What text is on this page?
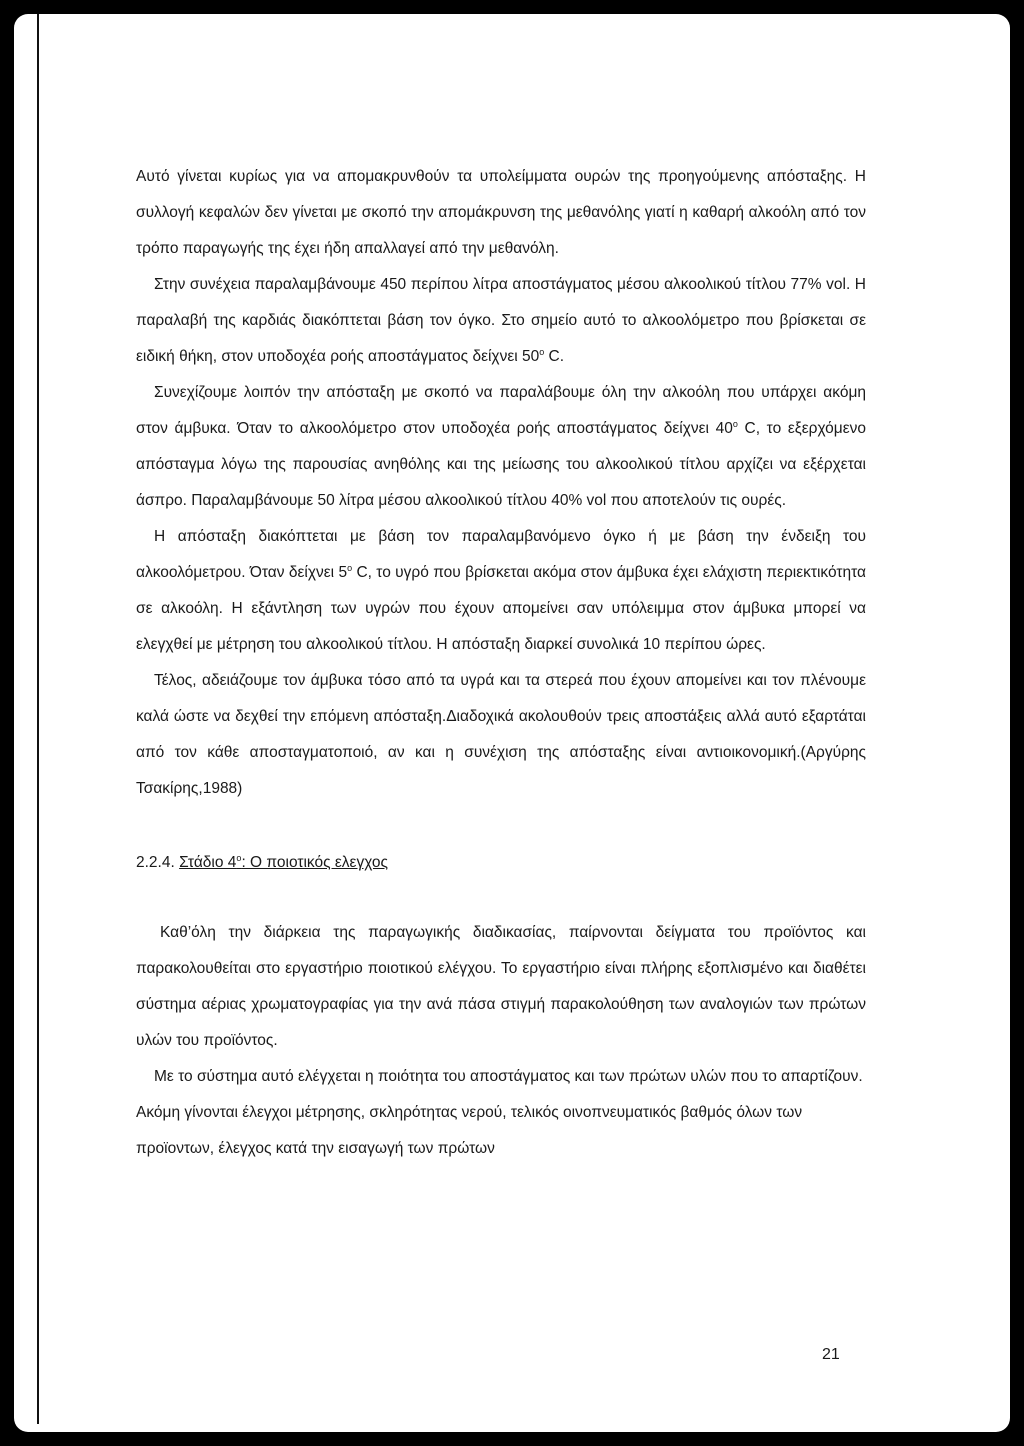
Αυτό γίνεται κυρίως για να απομακρυνθούν τα υπολείμματα ουρών της προηγούμενης απόσταξης. Η συλλογή κεφαλών δεν γίνεται με σκοπό την απομάκρυνση της μεθανόλης γιατί η καθαρή αλκοόλη από τον τρόπο παραγωγής της έχει ήδη απαλλαγεί από την μεθανόλη.

Στην συνέχεια παραλαμβάνουμε 450 περίπου λίτρα αποστάγματος μέσου αλκοολικού τίτλου 77% vol. Η παραλαβή της καρδιάς διακόπτεται βάση τον όγκο. Στο σημείο αυτό το αλκοολόμετρο που βρίσκεται σε ειδική θήκη, στον υποδοχέα ροής αποστάγματος δείχνει 50$^o$ C.

Συνεχίζουμε λοιπόν την απόσταξη με σκοπό να παραλάβουμε όλη την αλκοόλη που υπάρχει ακόμη στον άμβυκα. Όταν το αλκοολόμετρο στον υποδοχέα ροής αποστάγματος δείχνει 40$^o$ C, το εξερχόμενο απόσταγμα λόγω της παρουσίας ανηθόλης και της μείωσης του αλκοολικού τίτλου αρχίζει να εξέρχεται άσπρο. Παραλαμβάνουμε 50 λίτρα μέσου αλκοολικού τίτλου 40% vol που αποτελούν τις ουρές.

Η απόσταξη διακόπτεται με βάση τον παραλαμβανόμενο όγκο ή με βάση την ένδειξη του αλκοολόμετρου. Όταν δείχνει 5$^o$ C, το υγρό που βρίσκεται ακόμα στον άμβυκα έχει ελάχιστη περιεκτικότητα σε αλκοόλη. Η εξάντληση των υγρών που έχουν απομείνει σαν υπόλειμμα στον άμβυκα μπορεί να ελεγχθεί με μέτρηση του αλκοολικού τίτλου. Η απόσταξη διαρκεί συνολικά 10 περίπου ώρες.

Τέλος, αδειάζουμε τον άμβυκα τόσο από τα υγρά και τα στερεά που έχουν απομείνει και τον πλένουμε καλά ώστε να δεχθεί την επόμενη απόσταξη.Διαδοχικά ακολουθούν τρεις αποστάξεις αλλά αυτό εξαρτάται από τον κάθε αποσταγματοποιό, αν και η συνέχιση της απόσταξης είναι αντιοικονομική.(Αργύρης Τσακίρης,1988)

2.2.4. Στάδιο $4^o$: Ο ποιοτικός ελεγχος

Καθ’όλη την διάρκεια της παραγωγικής διαδικασίας, παίρνονται δείγματα του προϊόντος και παρακολουθείται στο εργαστήριο ποιοτικού ελέγχου. Το εργαστήριο είναι πλήρης εξοπλισμένο και διαθέτει σύστημα αέριας χρωματογραφίας για την ανά πάσα στιγμή παρακολούθηση των αναλογιών των πρώτων υλών του προϊόντος.

Με το σύστημα αυτό ελέγχεται η ποιότητα του αποστάγματος και των πρώτων υλών που το απαρτίζουν. Ακόμη γίνονται έλεγχοι μέτρησης, σκληρότητας νερού, τελικός οινοπνευματικός βαθμός όλων των προϊοντων, έλεγχος κατά την εισαγωγή των πρώτων

21
